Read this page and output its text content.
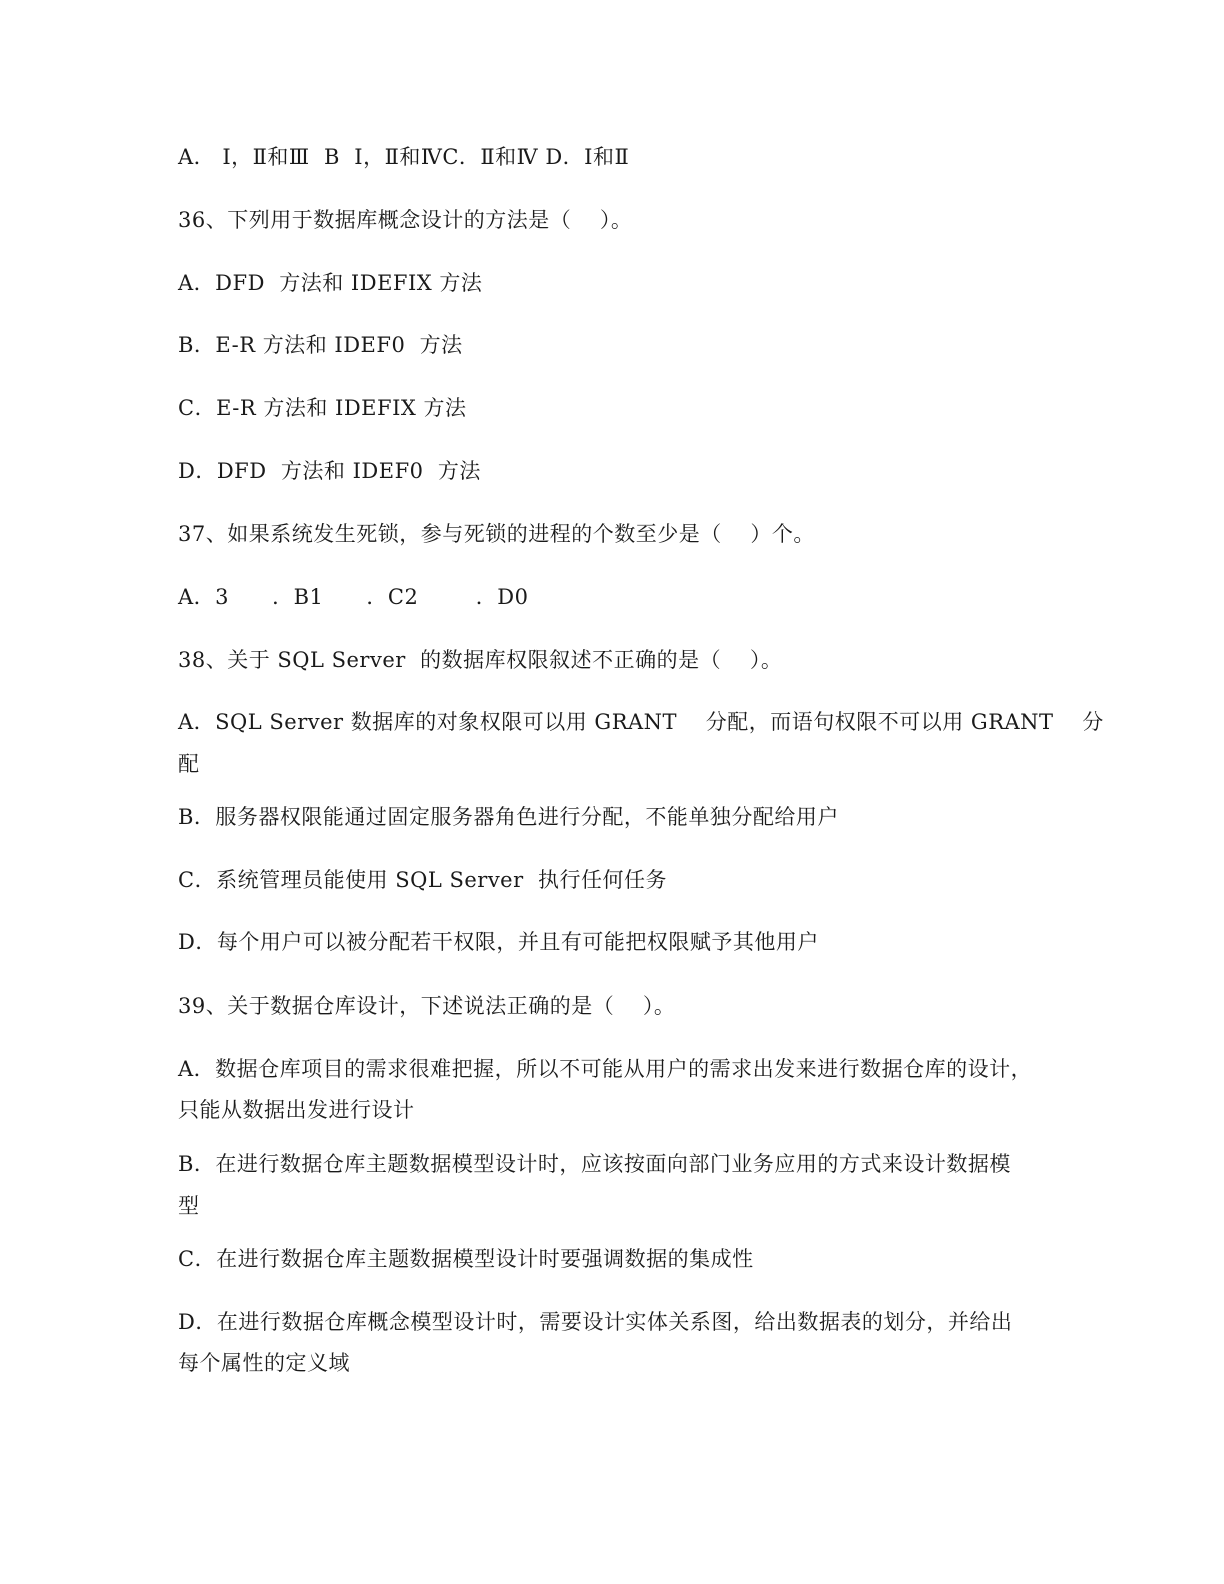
A． Ⅰ，Ⅱ和Ⅲ  B  Ⅰ，Ⅱ和ⅣC．Ⅱ和Ⅳ D．Ⅰ和Ⅱ
36、下列用于数据库概念设计的方法是（    ）。
A．DFD  方法和 IDEFIX 方法
B．E-R 方法和 IDEF0  方法
C．E-R 方法和 IDEFIX 方法
D．DFD  方法和 IDEF0  方法
37、如果系统发生死锁，参与死锁的进程的个数至少是（    ）个。
A．3      ．B1      ．C2        ．D0
38、关于 SQL Server  的数据库权限叙述不正确的是（    ）。
A．SQL Server 数据库的对象权限可以用 GRANT    分配，而语句权限不可以用 GRANT    分
配
B．服务器权限能通过固定服务器角色进行分配，不能单独分配给用户
C．系统管理员能使用 SQL Server  执行任何任务
D．每个用户可以被分配若干权限，并且有可能把权限赋予其他用户
39、关于数据仓库设计，下述说法正确的是（    ）。
A．数据仓库项目的需求很难把握，所以不可能从用户的需求出发来进行数据仓库的设计，
只能从数据出发进行设计
B．在进行数据仓库主题数据模型设计时，应该按面向部门业务应用的方式来设计数据模
型
C．在进行数据仓库主题数据模型设计时要强调数据的集成性
D．在进行数据仓库概念模型设计时，需要设计实体关系图，给出数据表的划分，并给出
每个属性的定义域
